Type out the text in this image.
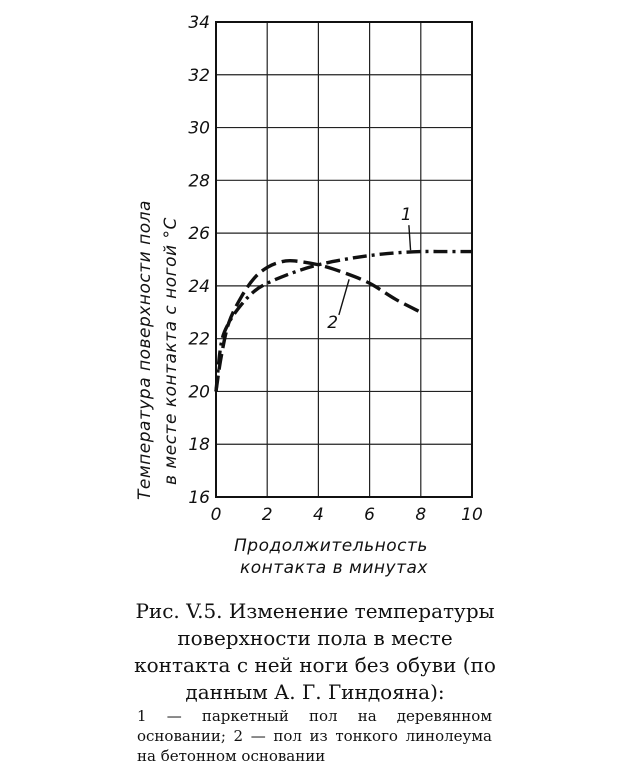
0 2 4 6 8 10
16
18
20
22
24
26
28
30
32
34
1
2
Температура поверхности пола в месте контакта с ногой °С
Продолжительность
контакта в минутах
Рис. V.5. Изменение температуры поверхности пола в месте контакта с ней ноги без обуви (по данным А. Г. Гиндояна):
1 — паркетный пол на деревянном основании; 2 — пол из тонкого линолеума на бетонном основании
